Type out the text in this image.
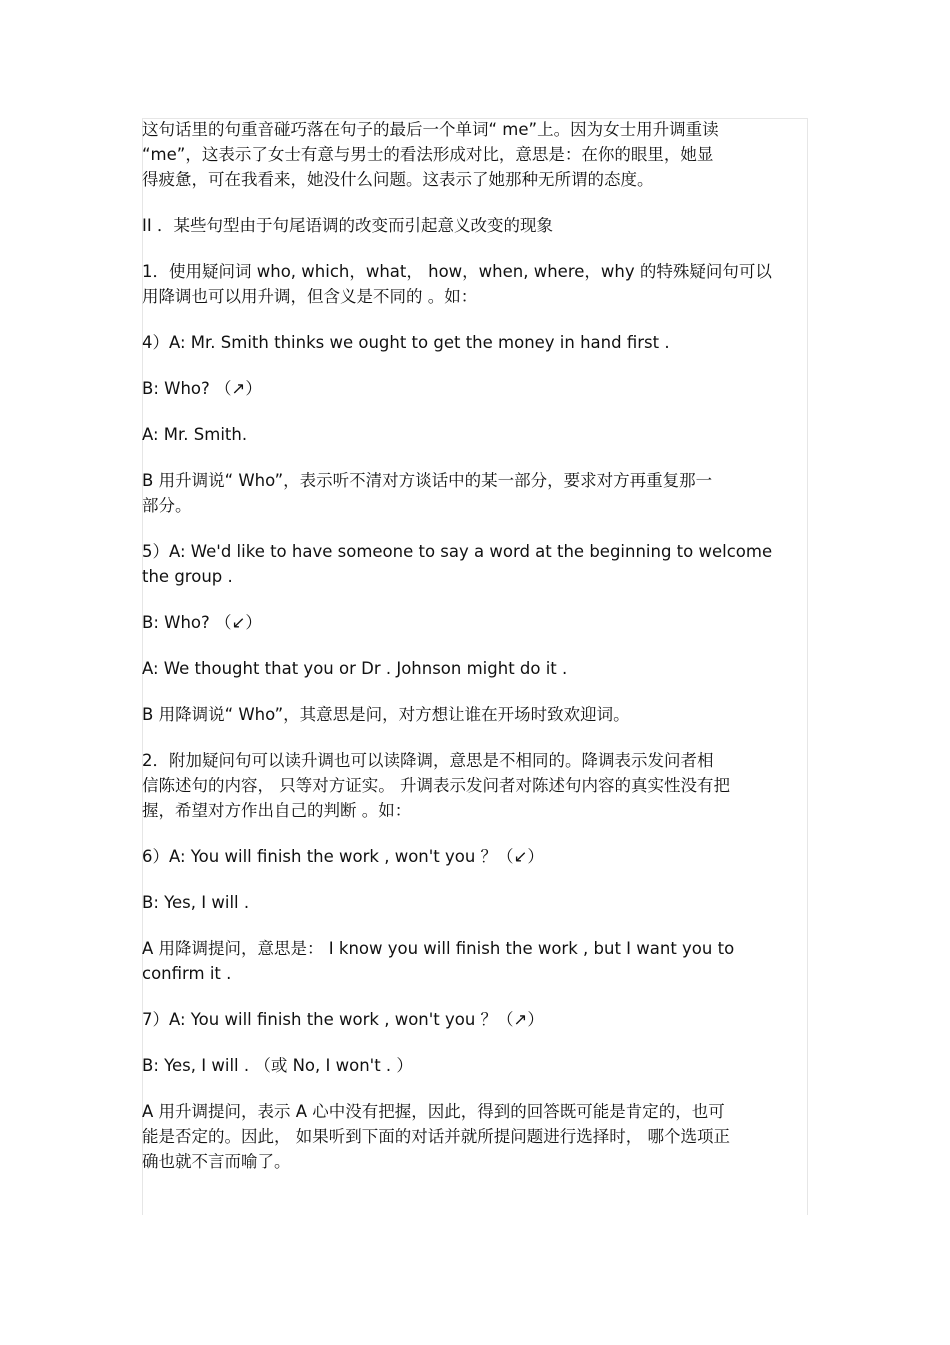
这句话里的句重音碰巧落在句子的最后一个单词“ me”上。因为女士用升调重读

“me”，这表示了女士有意与男士的看法形成对比，意思是：在你的眼里，她显

得疲惫，可在我看来，她没什么问题。这表示了她那种无所谓的态度。

II ．某些句型由于句尾语调的改变而引起意义改变的现象

1．使用疑问词 who, which，what， how，when, where，why 的特殊疑问句可以

用降调也可以用升调，但含义是不同的 。如：

4）A: Mr. Smith thinks we ought to get the money in hand first .

B: Who? （↗）

A: Mr. Smith.

B 用升调说“ Who”，表示听不清对方谈话中的某一部分，要求对方再重复那一

部分。

5）A: We'd like to have someone to say a word at the beginning to welcome

the group .

B: Who? （↙）

A: We thought that you or Dr . Johnson might do it .

B 用降调说“ Who”，其意思是问，对方想让谁在开场时致欢迎词。

2．附加疑问句可以读升调也可以读降调，意思是不相同的。降调表示发问者相

信陈述句的内容， 只等对方证实。 升调表示发问者对陈述句内容的真实性没有把

握，希望对方作出自己的判断 。如：

6）A: You will finish the work , won't you ？（↙）

B: Yes, I will .

A 用降调提问，意思是： I know you will finish the work , but I want you to

confirm it .

7）A: You will finish the work , won't you ？（↗）

B: Yes, I will . （或 No, I won't . ）

A 用升调提问，表示 A 心中没有把握，因此，得到的回答既可能是肯定的，也可

能是否定的。因此， 如果听到下面的对话并就所提问题进行选择时， 哪个选项正

确也就不言而喻了。
